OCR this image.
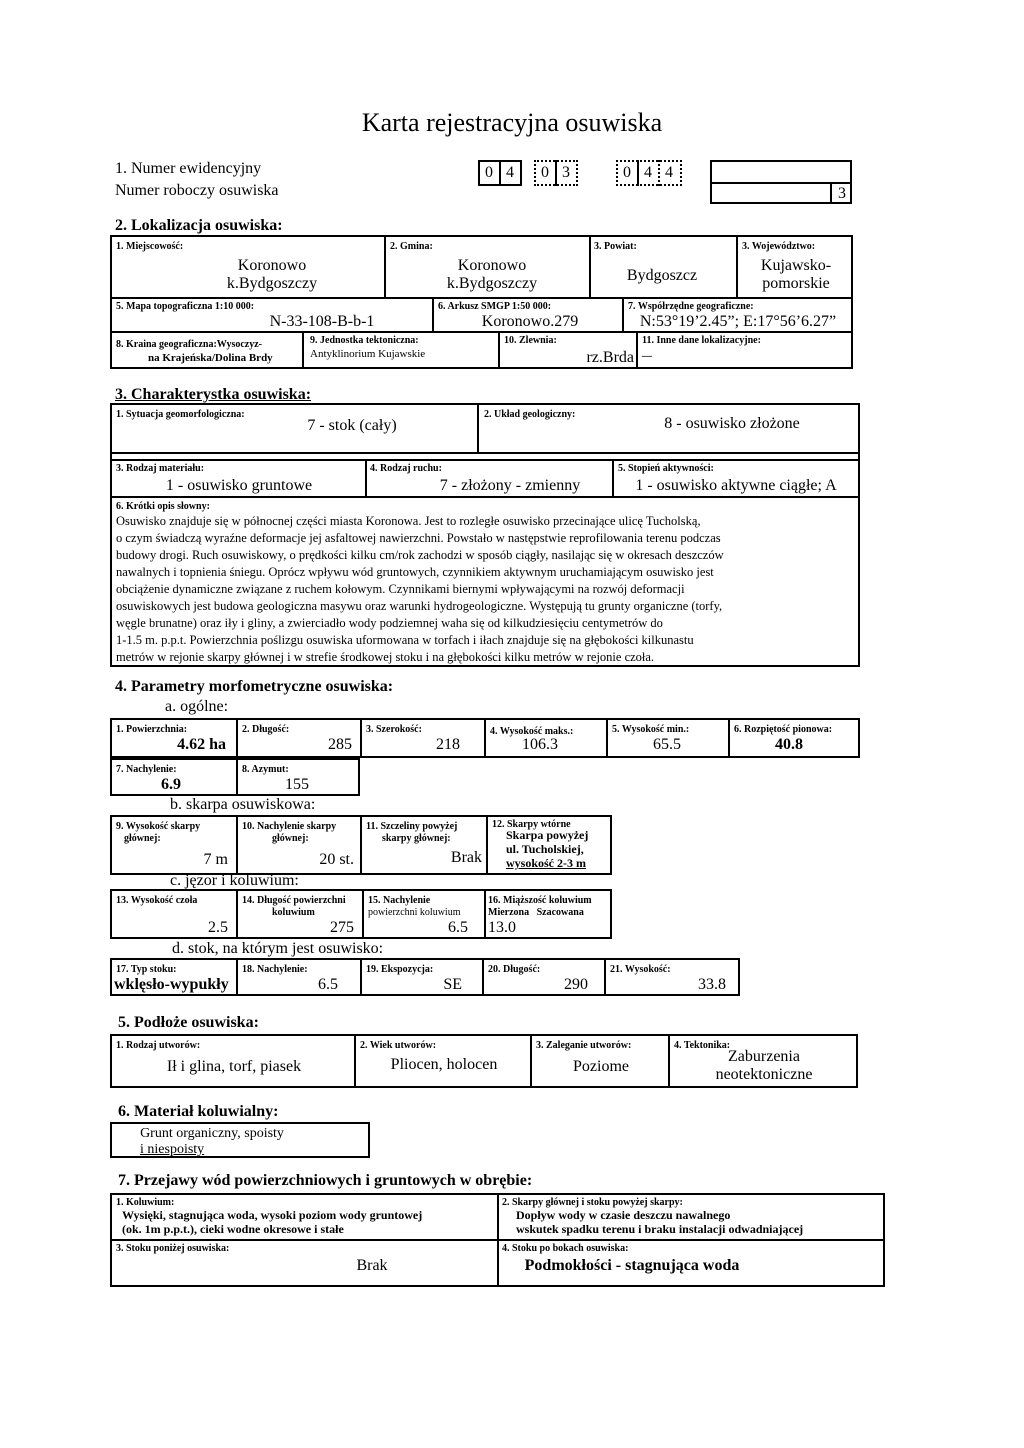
Karta rejestracyjna osuwiska
1. Numer ewidencyjny
Numer roboczy osuwiska
0 4	0 3	0 4 4
3
2. Lokalizacja osuwiska:
1. Miejscowość:
Koronowo
k.Bydgoszczy
2. Gmina:
Koronowo
k.Bydgoszczy
3. Powiat:
Bydgoszcz
3. Województwo:
Kujawsko-
pomorskie
5. Mapa topograficzna 1:10 000:
N-33-108-B-b-1
6. Arkusz SMGP 1:50 000:
Koronowo.279
7. Współrzędne geograficzne:
N:53°19’2.45”; E:17°56’6.27”
8. Kraina geograficzna:Wysoczyz-
na Krajeńska/Dolina Brdy
9. Jednostka tektoniczna:
Antyklinorium Kujawskie
10. Zlewnia:
rz.Brda
11. Inne dane lokalizacyjne:
—
3. Charakterystka osuwiska:
1. Sytuacja geomorfologiczna:
7 - stok (cały)
2. Układ geologiczny:
8 - osuwisko złożone
3. Rodzaj materiału:
1 - osuwisko gruntowe
4. Rodzaj ruchu:
7 - złożony - zmienny
5. Stopień aktywności:
1 - osuwisko aktywne ciągłe; A
6. Krótki opis słowny:
Osuwisko znajduje się w północnej części miasta Koronowa. Jest to rozległe osuwisko przecinające ulicę Tucholską,
o czym świadczą wyraźne deformacje jej asfaltowej nawierzchni. Powstało w następstwie reprofilowania terenu podczas
budowy drogi. Ruch osuwiskowy, o prędkości kilku cm/rok zachodzi w sposób ciągły, nasilając się w okresach deszczów
nawalnych i topnienia śniegu. Oprócz wpływu wód gruntowych, czynnikiem aktywnym uruchamiającym osuwisko jest
obciążenie dynamiczne związane z ruchem kołowym. Czynnikami biernymi wpływającymi na rozwój deformacji
osuwiskowych jest budowa geologiczna masywu oraz warunki hydrogeologiczne. Występują tu grunty organiczne (torfy,
węgle brunatne) oraz iły i gliny, a zwierciadło wody podziemnej waha się od kilkudziesięciu centymetrów do
1-1.5 m. p.p.t. Powierzchnia poślizgu osuwiska uformowana w torfach i iłach znajduje się na głębokości kilkunastu
metrów w rejonie skarpy głównej i w strefie środkowej stoku i na głębokości kilku metrów w rejonie czoła.
4. Parametry morfometryczne osuwiska:
a. ogólne:
1. Powierzchnia:
4.62 ha
2. Długość:
285
3. Szerokość:
218
4. Wysokość maks.:
106.3
5. Wysokość min.:
65.5
6. Rozpiętość pionowa:
40.8
7. Nachylenie:
6.9
8. Azymut:
155
b. skarpa osuwiskowa:
9. Wysokość skarpy
głównej:
7 m
10. Nachylenie skarpy
głównej:
20 st.
11. Szczeliny powyżej
skarpy głównej:
Brak
12. Skarpy wtórne
Skarpa powyżej
ul. Tucholskiej,
wysokość 2-3 m
c. jęzor i koluwium:
13. Wysokość czoła
2.5
14. Długość powierzchni
koluwium
275
15. Nachylenie
powierzchni koluwium
6.5
16. Miąższość koluwium
Mierzona   Szacowana
13.0
d. stok, na którym jest osuwisko:
17. Typ stoku:
wklęsło-wypukły
18. Nachylenie:
6.5
19. Ekspozycja:
SE
20. Długość:
290
21. Wysokość:
33.8
5. Podłoże osuwiska:
1. Rodzaj utworów:
Ił i glina, torf, piasek
2. Wiek utworów:
Pliocen, holocen
3. Zaleganie utworów:
Poziome
4. Tektonika:
Zaburzenia
neotektoniczne
6. Materiał koluwialny:
Grunt organiczny, spoisty
i niespoisty
7. Przejawy wód powierzchniowych i gruntowych w obrębie:
1. Koluwium:
Wysięki, stagnująca woda, wysoki poziom wody gruntowej
(ok. 1m p.p.t.), cieki wodne okresowe i stałe
2. Skarpy głównej i stoku powyżej skarpy:
Dopływ wody w czasie deszczu nawalnego
wskutek spadku terenu i braku instalacji odwadniającej
3. Stoku poniżej osuwiska:
Brak
4. Stoku po bokach osuwiska:
Podmokłości - stagnująca woda
